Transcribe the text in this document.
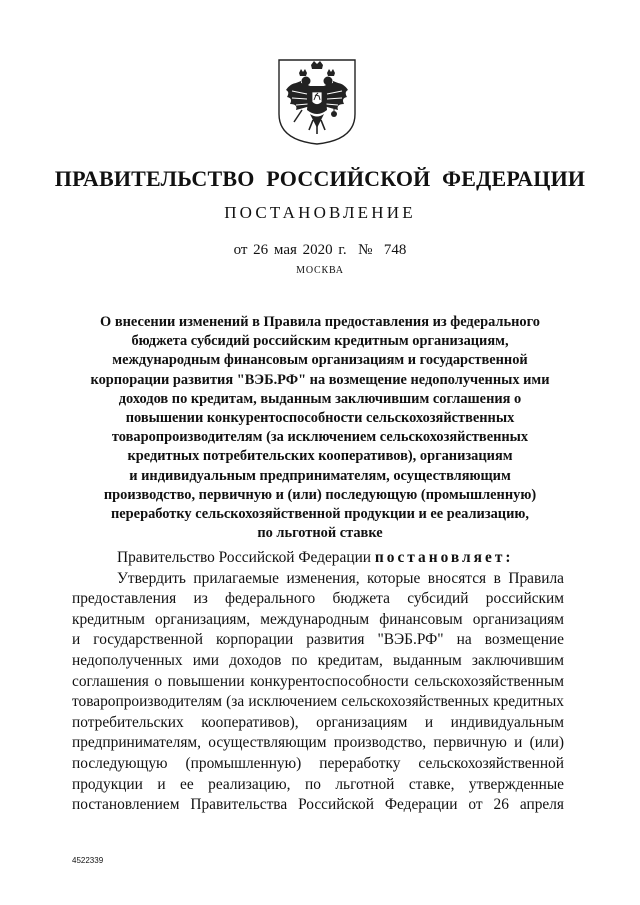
ПРАВИТЕЛЬСТВО РОССИЙСКОЙ ФЕДЕРАЦИИ
ПОСТАНОВЛЕНИЕ
от 26 мая 2020 г.  №  748
МОСКВА
О внесении изменений в Правила предоставления из федерального
бюджета субсидий российским кредитным организациям,
международным финансовым организациям и государственной
корпорации развития "ВЭБ.РФ" на возмещение недополученных ими
доходов по кредитам, выданным заключившим соглашения о
повышении конкурентоспособности сельскохозяйственных
товаропроизводителям (за исключением сельскохозяйственных
кредитных потребительских кооперативов), организациям
и индивидуальным предпринимателям, осуществляющим
производство, первичную и (или) последующую (промышленную)
переработку сельскохозяйственной продукции и ее реализацию,
по льготной ставке
Правительство Российской Федерации постановляет:
Утвердить прилагаемые изменения, которые вносятся в Правила
предоставления из федерального бюджета субсидий российским
кредитным организациям, международным финансовым организациям
и государственной корпорации развития "ВЭБ.РФ" на возмещение
недополученных ими доходов по кредитам, выданным заключившим
соглашения о повышении конкурентоспособности сельскохозяйственным
товаропроизводителям (за исключением сельскохозяйственных кредитных
потребительских кооперативов), организациям и индивидуальным
предпринимателям, осуществляющим производство, первичную и (или)
последующую (промышленную) переработку сельскохозяйственной
продукции и ее реализацию, по льготной ставке, утвержденные
постановлением Правительства Российской Федерации от 26 апреля
4522339
